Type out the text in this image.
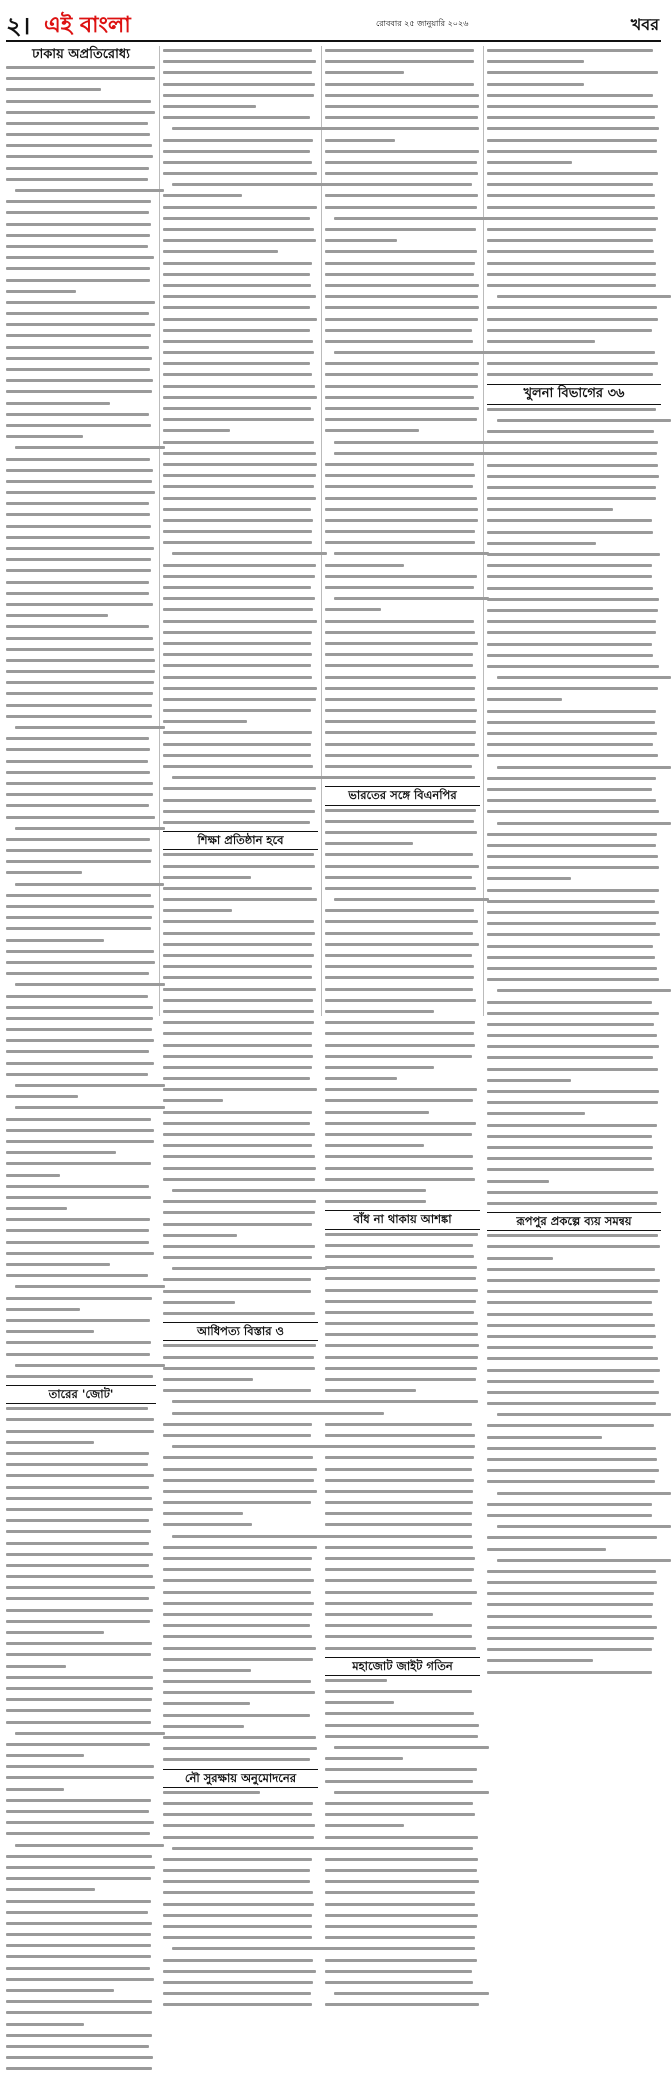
২। এই বাংলা	রোববার ২৫ জানুয়ারি ২০২৬	খবর
ঢাকায় অপ্রতিরোধ্য
তারের 'জোট'
শিক্ষা প্রতিষ্ঠান হবে
আধিপত্য বিস্তার ও
নৌ সুরক্ষায় অনুমোদনের
ভারতের সঙ্গে বিএনপির
বাঁধ না থাকায় আশঙ্কা
মহাজোট জাইট গতিন
খুলনা বিভাগের ৩৬
রূপপুর প্রকল্পে ব্যয় সমন্বয়
